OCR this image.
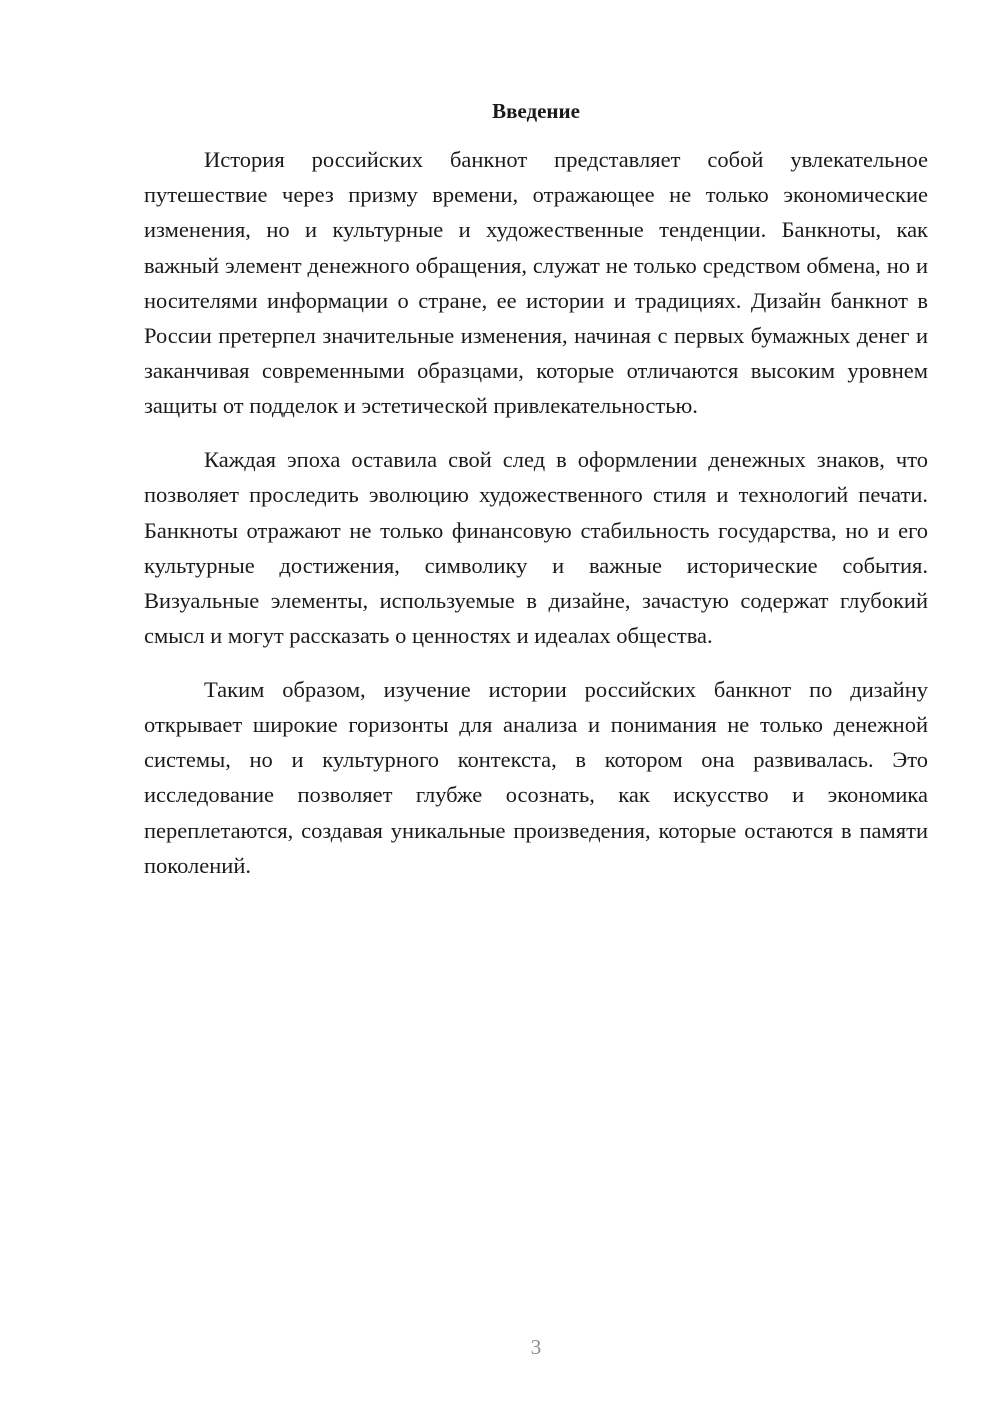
Введение

История российских банкнот представляет собой увлекательное путешествие через призму времени, отражающее не только экономические изменения, но и культурные и художественные тенденции. Банкноты, как важный элемент денежного обращения, служат не только средством обмена, но и носителями информации о стране, ее истории и традициях. Дизайн банкнот в России претерпел значительные изменения, начиная с первых бумажных денег и заканчивая современными образцами, которые отличаются высоким уровнем защиты от подделок и эстетической привлекательностью.

Каждая эпоха оставила свой след в оформлении денежных знаков, что позволяет проследить эволюцию художественного стиля и технологий печати. Банкноты отражают не только финансовую стабильность государства, но и его культурные достижения, символику и важные исторические события. Визуальные элементы, используемые в дизайне, зачастую содержат глубокий смысл и могут рассказать о ценностях и идеалах общества.

Таким образом, изучение истории российских банкнот по дизайну открывает широкие горизонты для анализа и понимания не только денежной системы, но и культурного контекста, в котором она развивалась. Это исследование позволяет глубже осознать, как искусство и экономика переплетаются, создавая уникальные произведения, которые остаются в памяти поколений.

3
